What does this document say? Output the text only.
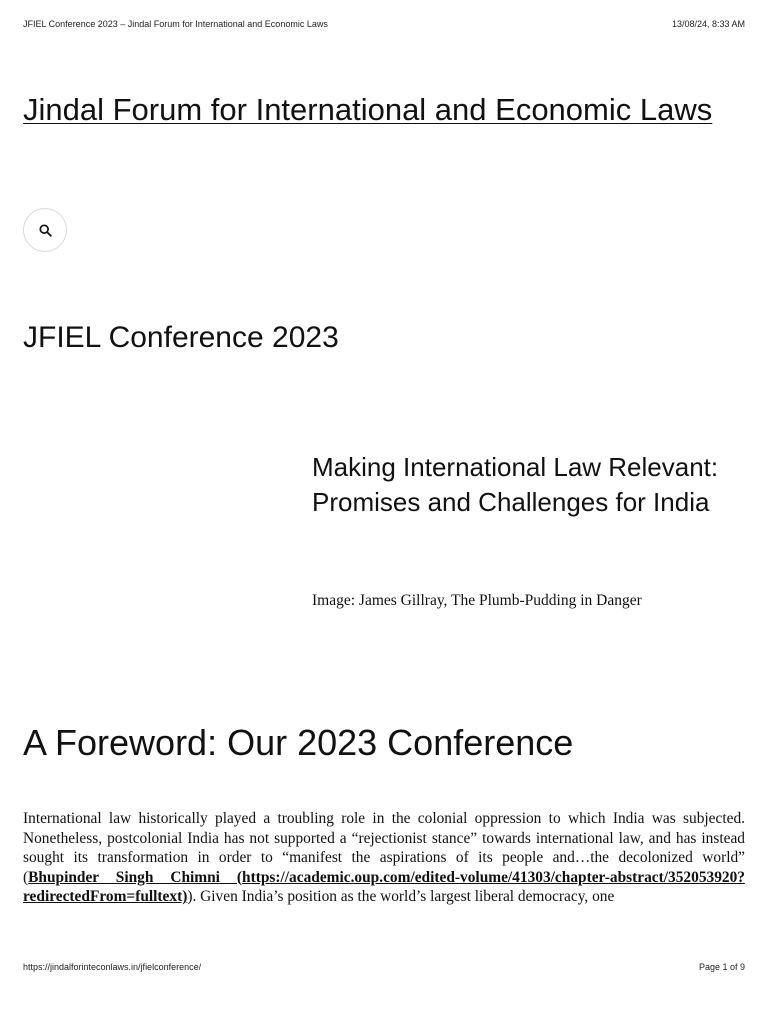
JFIEL Conference 2023 – Jindal Forum for International and Economic Laws	13/08/24, 8:33 AM
Jindal Forum for International and Economic Laws
JFIEL Conference 2023
Making International Law Relevant: Promises and Challenges for India

Image: James Gillray, The Plumb-Pudding in Danger

A Foreword: Our 2023 Conference

International law historically played a troubling role in the colonial oppression to which India was subjected. Nonetheless, postcolonial India has not supported a “rejectionist stance” towards international law, and has instead sought its transformation in order to “manifest the aspirations of its people and…the decolonized world” (Bhupinder Singh Chimni (https://academic.oup.com/edited-volume/41303/chapter-abstract/352053920?redirectedFrom=fulltext)). Given India’s position as the world’s largest liberal democracy, one

https://jindalforinteconlaws.in/jfielconference/	Page 1 of 9
